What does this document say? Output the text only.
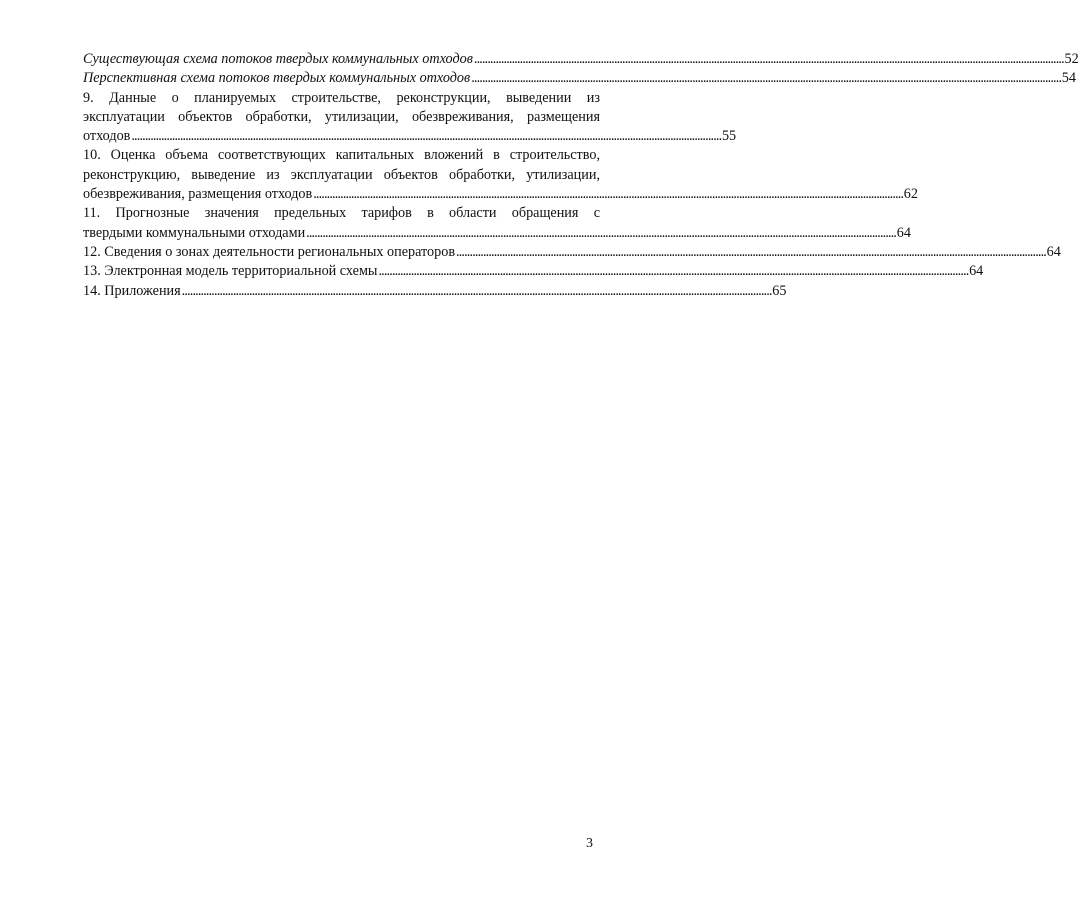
Существующая схема потоков твердых коммунальных отходов . . .	52
Перспективная схема потоков твердых коммунальных отходов . . .	54
9. Данные о планируемых строительстве, реконструкции, выведении из
эксплуатации объектов обработки, утилизации, обезвреживания, размещения
отходов . . .	55
10. Оценка объема соответствующих капитальных вложений в строительство,
реконструкцию, выведение из эксплуатации объектов обработки, утилизации,
обезвреживания, размещения отходов . . .	62
11. Прогнозные значения предельных тарифов в области обращения с
твердыми коммунальными отходами . . .	64
12. Сведения о зонах деятельности региональных операторов . . .	64
13. Электронная модель территориальной схемы . . .	64
14. Приложения . . .	65
3
